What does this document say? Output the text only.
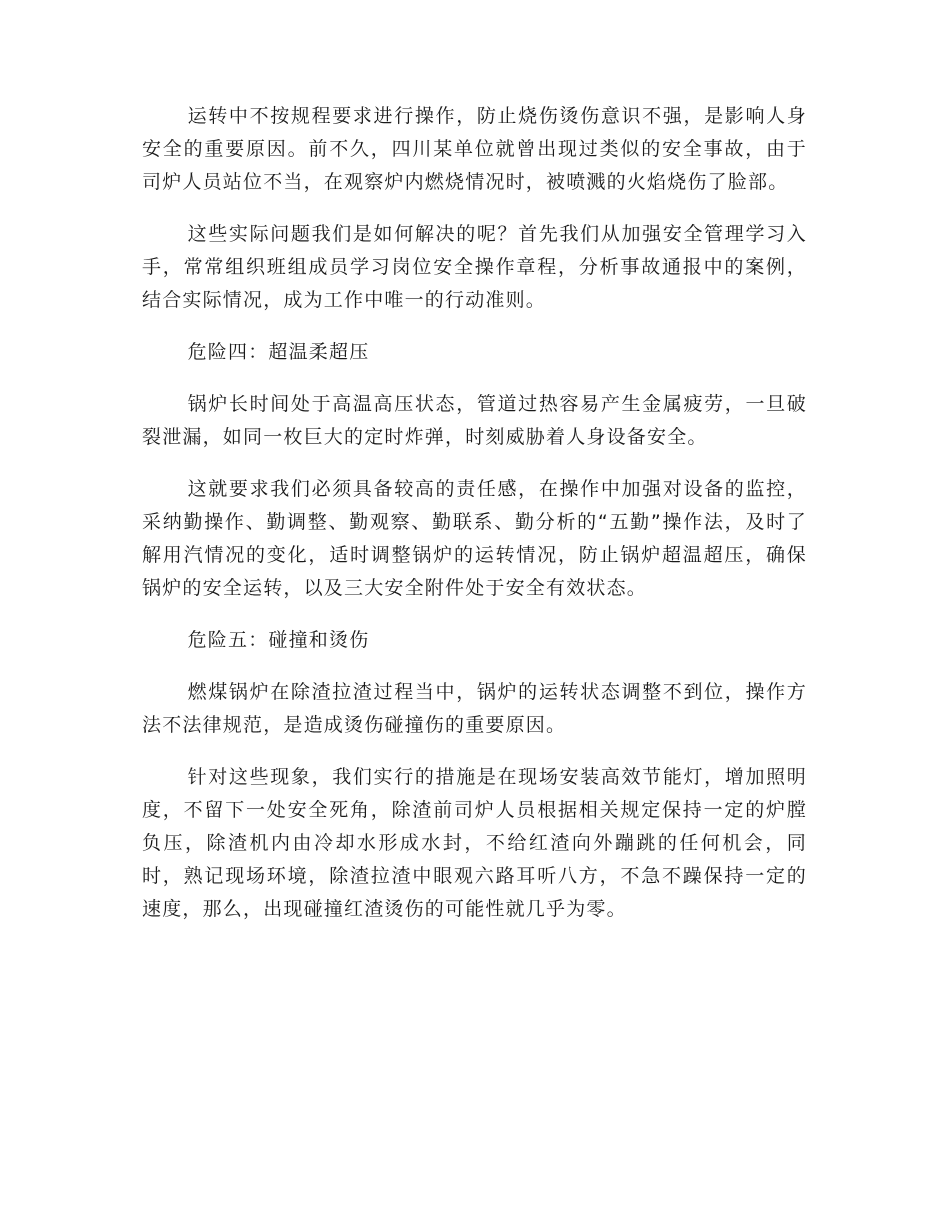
运转中不按规程要求进行操作，防止烧伤烫伤意识不强，是影响人身安全的重要原因。前不久，四川某单位就曾出现过类似的安全事故，由于司炉人员站位不当，在观察炉内燃烧情况时，被喷溅的火焰烧伤了脸部。

这些实际问题我们是如何解决的呢？首先我们从加强安全管理学习入手，常常组织班组成员学习岗位安全操作章程，分析事故通报中的案例，结合实际情况，成为工作中唯一的行动准则。

危险四：超温柔超压

锅炉长时间处于高温高压状态，管道过热容易产生金属疲劳，一旦破裂泄漏，如同一枚巨大的定时炸弹，时刻威胁着人身设备安全。

这就要求我们必须具备较高的责任感，在操作中加强对设备的监控，采纳勤操作、勤调整、勤观察、勤联系、勤分析的“五勤”操作法，及时了解用汽情况的变化，适时调整锅炉的运转情况，防止锅炉超温超压，确保锅炉的安全运转，以及三大安全附件处于安全有效状态。

危险五：碰撞和烫伤

燃煤锅炉在除渣拉渣过程当中，锅炉的运转状态调整不到位，操作方法不法律规范，是造成烫伤碰撞伤的重要原因。

针对这些现象，我们实行的措施是在现场安装高效节能灯，增加照明度，不留下一处安全死角，除渣前司炉人员根据相关规定保持一定的炉膛负压，除渣机内由冷却水形成水封，不给红渣向外蹦跳的任何机会，同时，熟记现场环境，除渣拉渣中眼观六路耳听八方，不急不躁保持一定的速度，那么，出现碰撞红渣烫伤的可能性就几乎为零。
